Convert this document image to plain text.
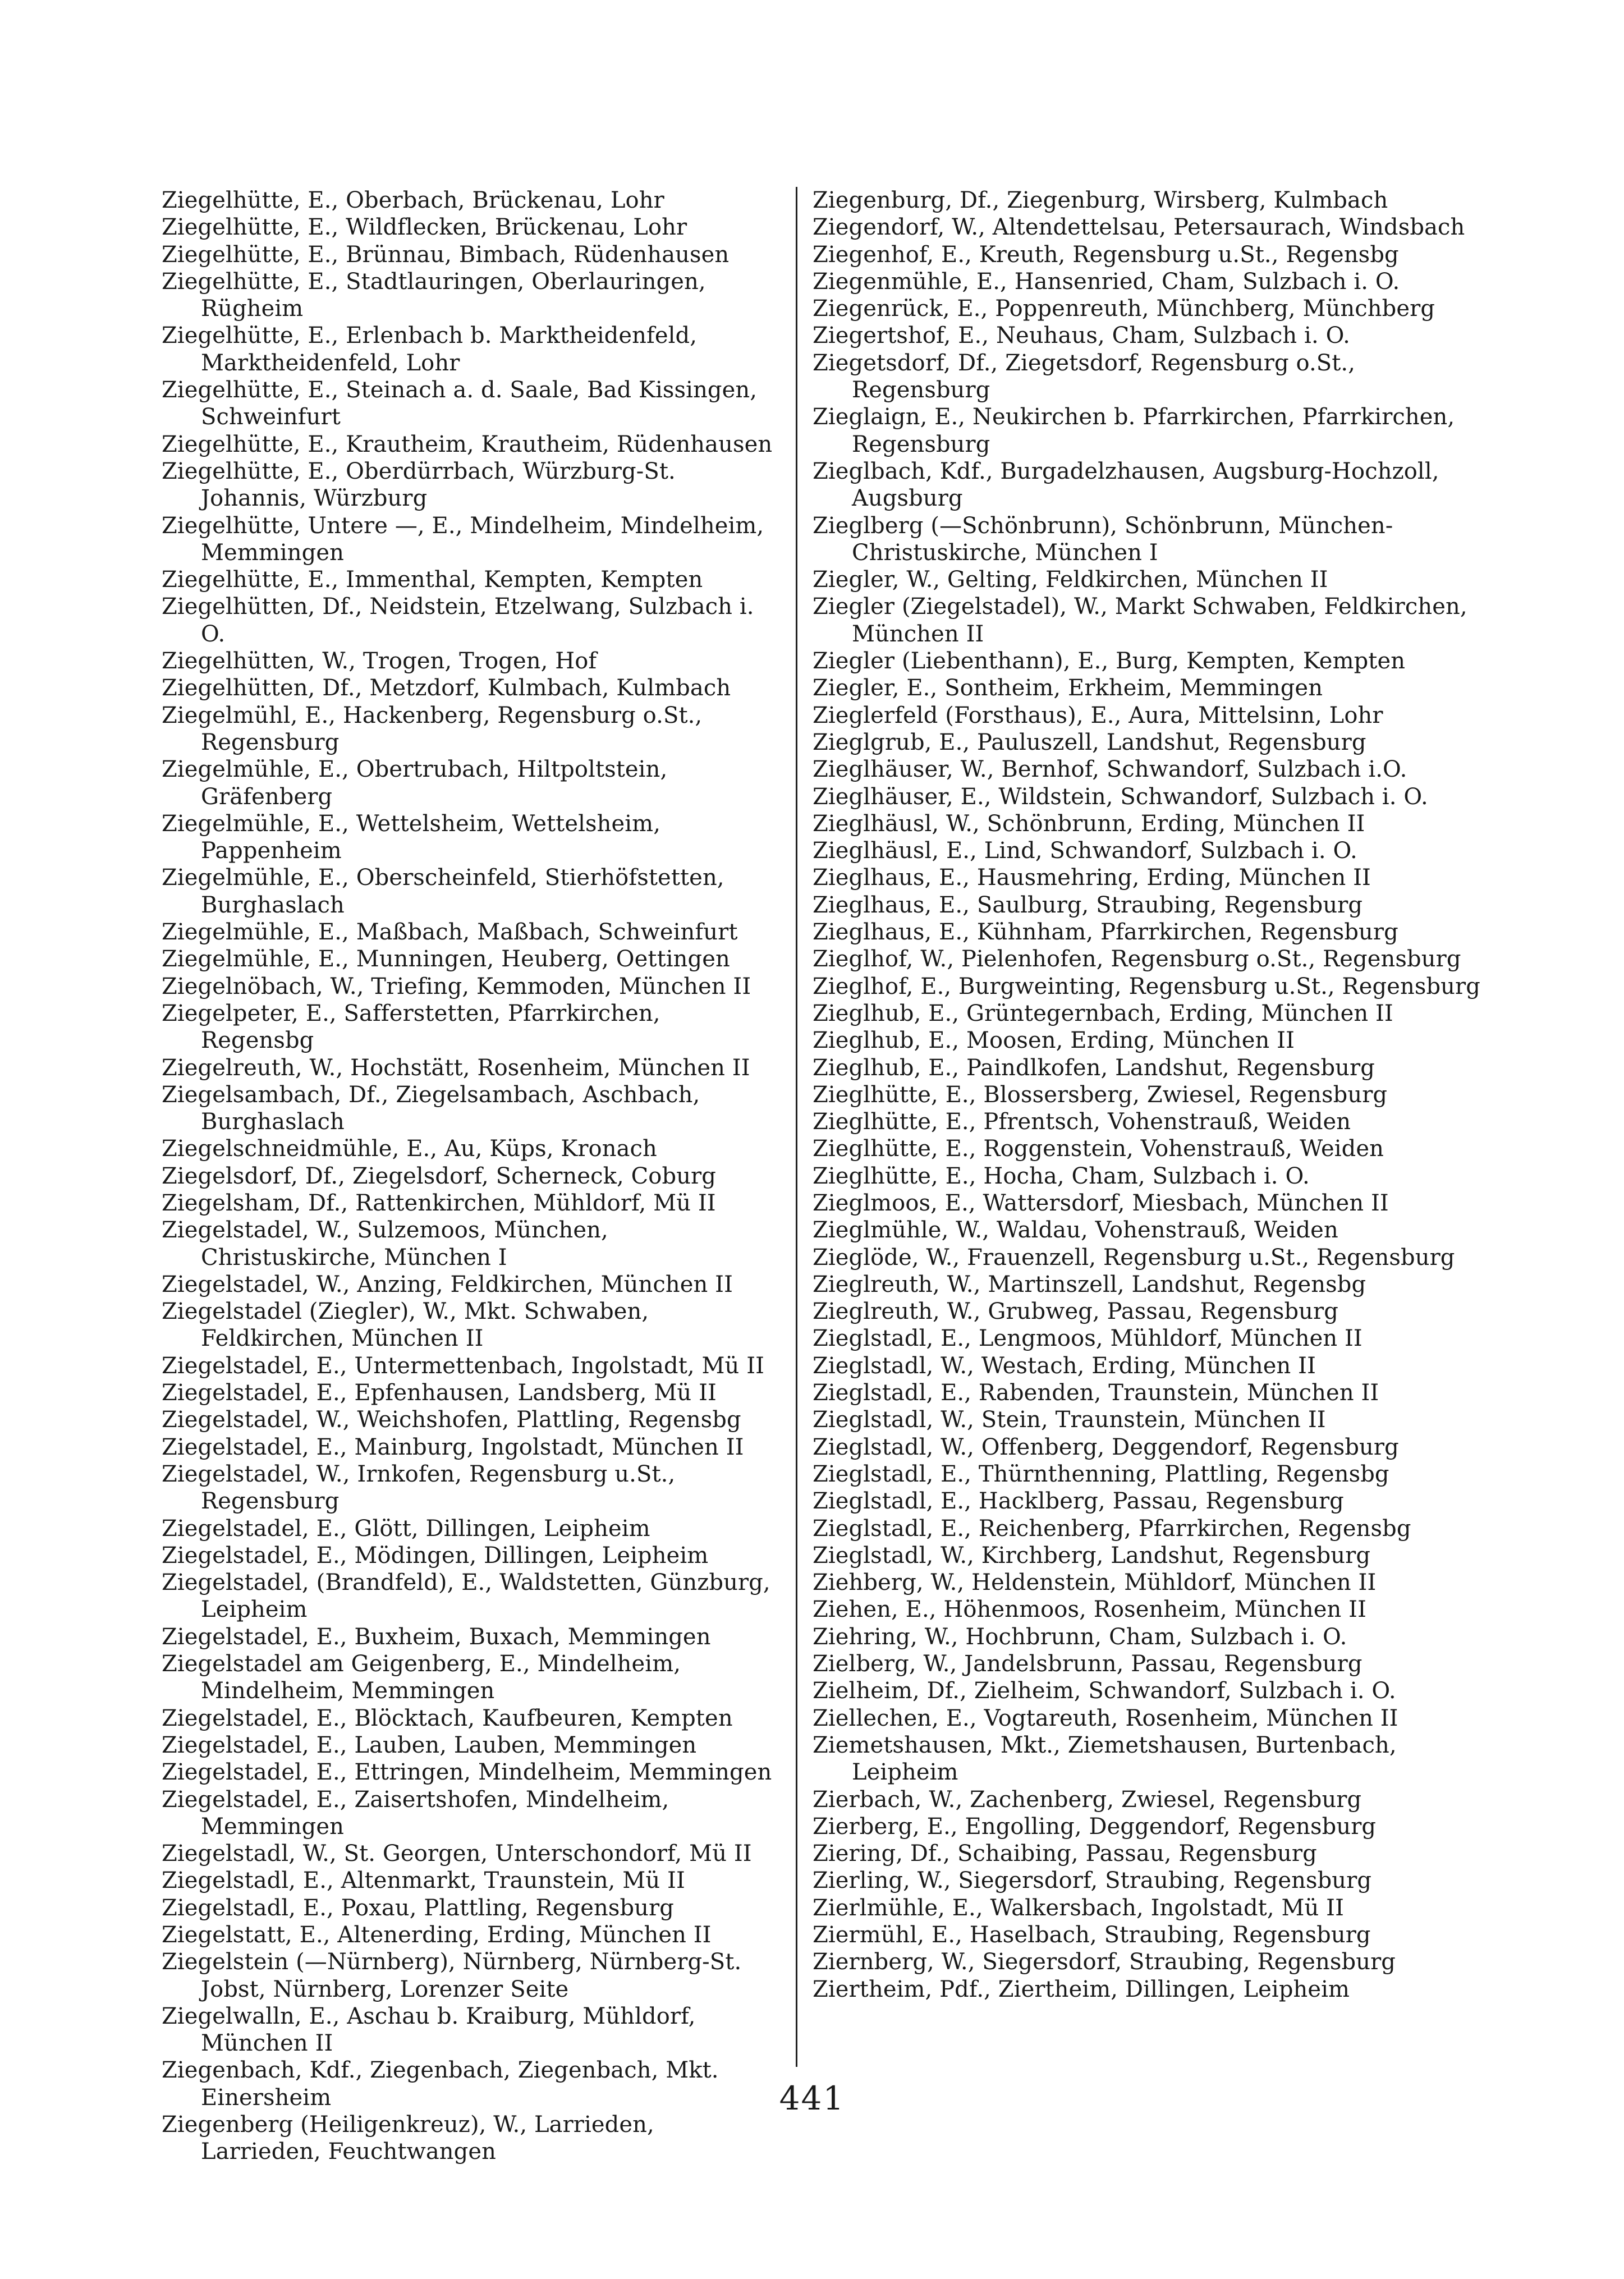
Ziegelhütte, E., Oberbach, Brückenau, Lohr

Ziegelhütte, E., Wildflecken, Brückenau, Lohr

Ziegelhütte, E., Brünnau, Bimbach, Rüdenhausen

Ziegelhütte, E., Stadtlauringen, Oberlauringen, Rügheim

Ziegelhütte, E., Erlenbach b. Marktheidenfeld, Marktheidenfeld, Lohr

Ziegelhütte, E., Steinach a. d. Saale, Bad Kissingen, Schweinfurt

Ziegelhütte, E., Krautheim, Krautheim, Rüdenhausen

Ziegelhütte, E., Oberdürrbach, Würzburg-St. Johannis, Würzburg

Ziegelhütte, Untere —, E., Mindelheim, Mindelheim, Memmingen

Ziegelhütte, E., Immenthal, Kempten, Kempten

Ziegelhütten, Df., Neidstein, Etzelwang, Sulzbach i. O.

Ziegelhütten, W., Trogen, Trogen, Hof

Ziegelhütten, Df., Metzdorf, Kulmbach, Kulmbach

Ziegelmühl, E., Hackenberg, Regensburg o.St., Regensburg

Ziegelmühle, E., Obertrubach, Hiltpoltstein, Gräfenberg

Ziegelmühle, E., Wettelsheim, Wettelsheim, Pappenheim

Ziegelmühle, E., Oberscheinfeld, Stierhöfstetten, Burghaslach

Ziegelmühle, E., Maßbach, Maßbach, Schweinfurt

Ziegelmühle, E., Munningen, Heuberg, Oettingen

Ziegelnöbach, W., Triefing, Kemmoden, München II

Ziegelpeter, E., Safferstetten, Pfarrkirchen, Regensbg

Ziegelreuth, W., Hochstätt, Rosenheim, München II

Ziegelsambach, Df., Ziegelsambach, Aschbach, Burghaslach

Ziegelschneidmühle, E., Au, Küps, Kronach

Ziegelsdorf, Df., Ziegelsdorf, Scherneck, Coburg

Ziegelsham, Df., Rattenkirchen, Mühldorf, Mü II

Ziegelstadel, W., Sulzemoos, München, Christuskirche, München I

Ziegelstadel, W., Anzing, Feldkirchen, München II

Ziegelstadel (Ziegler), W., Mkt. Schwaben, Feldkirchen, München II

Ziegelstadel, E., Untermettenbach, Ingolstadt, Mü II

Ziegelstadel, E., Epfenhausen, Landsberg, Mü II

Ziegelstadel, W., Weichshofen, Plattling, Regensbg

Ziegelstadel, E., Mainburg, Ingolstadt, München II

Ziegelstadel, W., Irnkofen, Regensburg u.St., Regensburg

Ziegelstadel, E., Glött, Dillingen, Leipheim

Ziegelstadel, E., Mödingen, Dillingen, Leipheim

Ziegelstadel, (Brandfeld), E., Waldstetten, Günzburg, Leipheim

Ziegelstadel, E., Buxheim, Buxach, Memmingen

Ziegelstadel am Geigenberg, E., Mindelheim, Mindelheim, Memmingen

Ziegelstadel, E., Blöcktach, Kaufbeuren, Kempten

Ziegelstadel, E., Lauben, Lauben, Memmingen

Ziegelstadel, E., Ettringen, Mindelheim, Memmingen

Ziegelstadel, E., Zaisertshofen, Mindelheim, Memmingen

Ziegelstadl, W., St. Georgen, Unterschondorf, Mü II

Ziegelstadl, E., Altenmarkt, Traunstein, Mü II

Ziegelstadl, E., Poxau, Plattling, Regensburg

Ziegelstatt, E., Altenerding, Erding, München II

Ziegelstein (—Nürnberg), Nürnberg, Nürnberg-St. Jobst, Nürnberg, Lorenzer Seite

Ziegelwalln, E., Aschau b. Kraiburg, Mühldorf, München II

Ziegenbach, Kdf., Ziegenbach, Ziegenbach, Mkt. Einersheim

Ziegenberg (Heiligenkreuz), W., Larrieden, Larrieden, Feuchtwangen

Ziegenburg, Df., Ziegenburg, Wirsberg, Kulmbach

Ziegendorf, W., Altendettelsau, Petersaurach, Windsbach

Ziegenhof, E., Kreuth, Regensburg u.St., Regensbg

Ziegenmühle, E., Hansenried, Cham, Sulzbach i. O.

Ziegenrück, E., Poppenreuth, Münchberg, Münchberg

Ziegertshof, E., Neuhaus, Cham, Sulzbach i. O.

Ziegetsdorf, Df., Ziegetsdorf, Regensburg o.St., Regensburg

Zieglaign, E., Neukirchen b. Pfarrkirchen, Pfarrkirchen, Regensburg

Zieglbach, Kdf., Burgadelzhausen, Augsburg-Hochzoll, Augsburg

Zieglberg (—Schönbrunn), Schönbrunn, München-Christuskirche, München I

Ziegler, W., Gelting, Feldkirchen, München II

Ziegler (Ziegelstadel), W., Markt Schwaben, Feldkirchen, München II

Ziegler (Liebenthann), E., Burg, Kempten, Kempten

Ziegler, E., Sontheim, Erkheim, Memmingen

Zieglerfeld (Forsthaus), E., Aura, Mittelsinn, Lohr

Zieglgrub, E., Pauluszell, Landshut, Regensburg

Zieglhäuser, W., Bernhof, Schwandorf, Sulzbach i.O.

Zieglhäuser, E., Wildstein, Schwandorf, Sulzbach i. O.

Zieglhäusl, W., Schönbrunn, Erding, München II

Zieglhäusl, E., Lind, Schwandorf, Sulzbach i. O.

Zieglhaus, E., Hausmehring, Erding, München II

Zieglhaus, E., Saulburg, Straubing, Regensburg

Zieglhaus, E., Kühnham, Pfarrkirchen, Regensburg

Zieglhof, W., Pielenhofen, Regensburg o.St., Regensburg

Zieglhof, E., Burgweinting, Regensburg u.St., Regensburg

Zieglhub, E., Grüntegernbach, Erding, München II

Zieglhub, E., Moosen, Erding, München II

Zieglhub, E., Paindlkofen, Landshut, Regensburg

Zieglhütte, E., Blossersberg, Zwiesel, Regensburg

Zieglhütte, E., Pfrentsch, Vohenstrauß, Weiden

Zieglhütte, E., Roggenstein, Vohenstrauß, Weiden

Zieglhütte, E., Hocha, Cham, Sulzbach i. O.

Zieglmoos, E., Wattersdorf, Miesbach, München II

Zieglmühle, W., Waldau, Vohenstrauß, Weiden

Zieglöde, W., Frauenzell, Regensburg u.St., Regensburg

Zieglreuth, W., Martinszell, Landshut, Regensbg

Zieglreuth, W., Grubweg, Passau, Regensburg

Zieglstadl, E., Lengmoos, Mühldorf, München II

Zieglstadl, W., Westach, Erding, München II

Zieglstadl, E., Rabenden, Traunstein, München II

Zieglstadl, W., Stein, Traunstein, München II

Zieglstadl, W., Offenberg, Deggendorf, Regensburg

Zieglstadl, E., Thürnthenning, Plattling, Regensbg

Zieglstadl, E., Hacklberg, Passau, Regensburg

Zieglstadl, E., Reichenberg, Pfarrkirchen, Regensbg

Zieglstadl, W., Kirchberg, Landshut, Regensburg

Ziehberg, W., Heldenstein, Mühldorf, München II

Ziehen, E., Höhenmoos, Rosenheim, München II

Ziehring, W., Hochbrunn, Cham, Sulzbach i. O.

Zielberg, W., Jandelsbrunn, Passau, Regensburg

Zielheim, Df., Zielheim, Schwandorf, Sulzbach i. O.

Ziellechen, E., Vogtareuth, Rosenheim, München II

Ziemetshausen, Mkt., Ziemetshausen, Burtenbach, Leipheim

Zierbach, W., Zachenberg, Zwiesel, Regensburg

Zierberg, E., Engolling, Deggendorf, Regensburg

Ziering, Df., Schaibing, Passau, Regensburg

Zierling, W., Siegersdorf, Straubing, Regensburg

Zierlmühle, E., Walkersbach, Ingolstadt, Mü II

Ziermühl, E., Haselbach, Straubing, Regensburg

Ziernberg, W., Siegersdorf, Straubing, Regensburg

Ziertheim, Pdf., Ziertheim, Dillingen, Leipheim

441
